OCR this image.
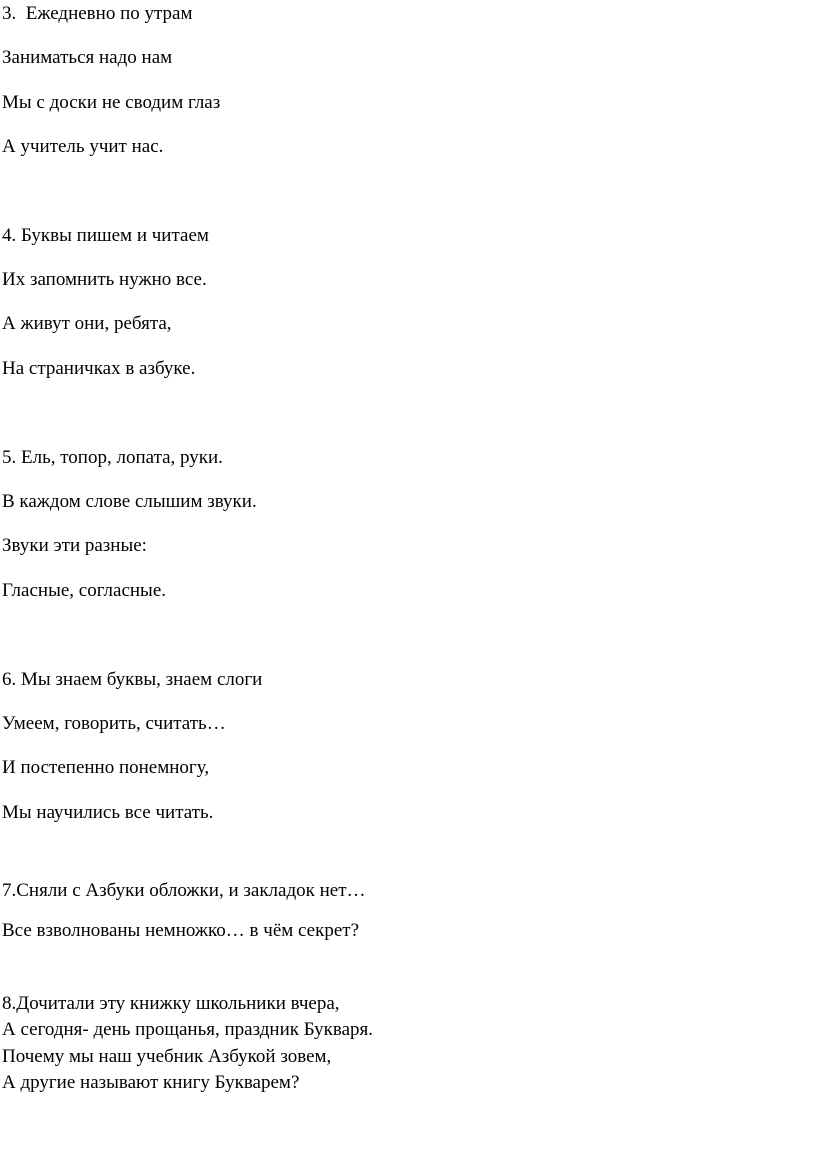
3.  Ежедневно по утрам
Заниматься надо нам
Мы с доски не сводим глаз
А учитель учит нас.
4. Буквы пишем и читаем
Их запомнить нужно все.
А живут они, ребята,
На страничках в азбуке.
5. Ель, топор, лопата, руки.
В каждом слове слышим звуки.
Звуки эти разные:
Гласные, согласные.
6. Мы знаем буквы, знаем слоги
Умеем, говорить, считать…
И постепенно понемногу,
Мы научились все читать.
7.Сняли с Азбуки обложки, и закладок нет…
Все взволнованы немножко… в чём секрет?
8.Дочитали эту книжку школьники вчера,
А сегодня- день прощанья, праздник Букваря.
Почему мы наш учебник Азбукой зовем,
А другие называют книгу Букварем?
